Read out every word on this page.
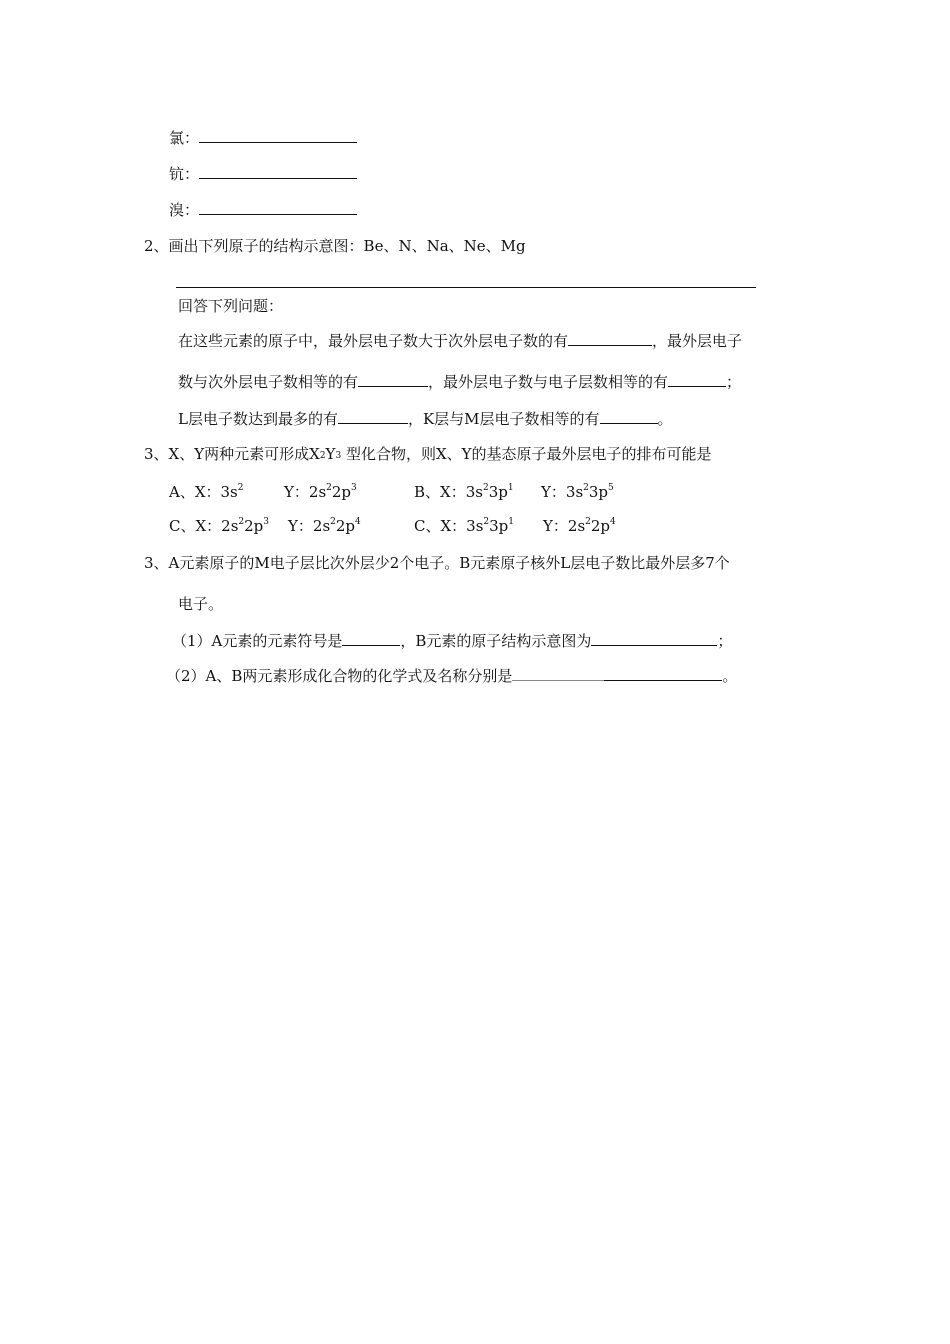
氯：
钪：
溴：
2、画出下列原子的结构示意图：Be、N、Na、Ne、Mg
回答下列问题：
在这些元素的原子中，最外层电子数大于次外层电子数的有	，最外层电子
数与次外层电子数相等的有	，最外层电子数与电子层数相等的有	；
L层电子数达到最多的有	，K层与M层电子数相等的有	。
3、X、Y两种元素可形成$X_2Y_3$ 型化合物，则X、Y的基态原子最外层电子的排布可能是
A、X：$3s^2$	Y：$2s^22p^3$	B、X：$3s^23p^1$ Y：$3s^23p^5$
C、X：$2s^22p^3$ Y：$2s^22p^4$	C、X：$3s^23p^1$ Y：$2s^22p^4$
3、A元素原子的M电子层比次外层少2个电子。B元素原子核外L层电子数比最外层多7个
电子。
（1）A元素的元素符号是	，B元素的原子结构示意图为	；
（2）A、B两元素形成化合物的化学式及名称分别是	。
